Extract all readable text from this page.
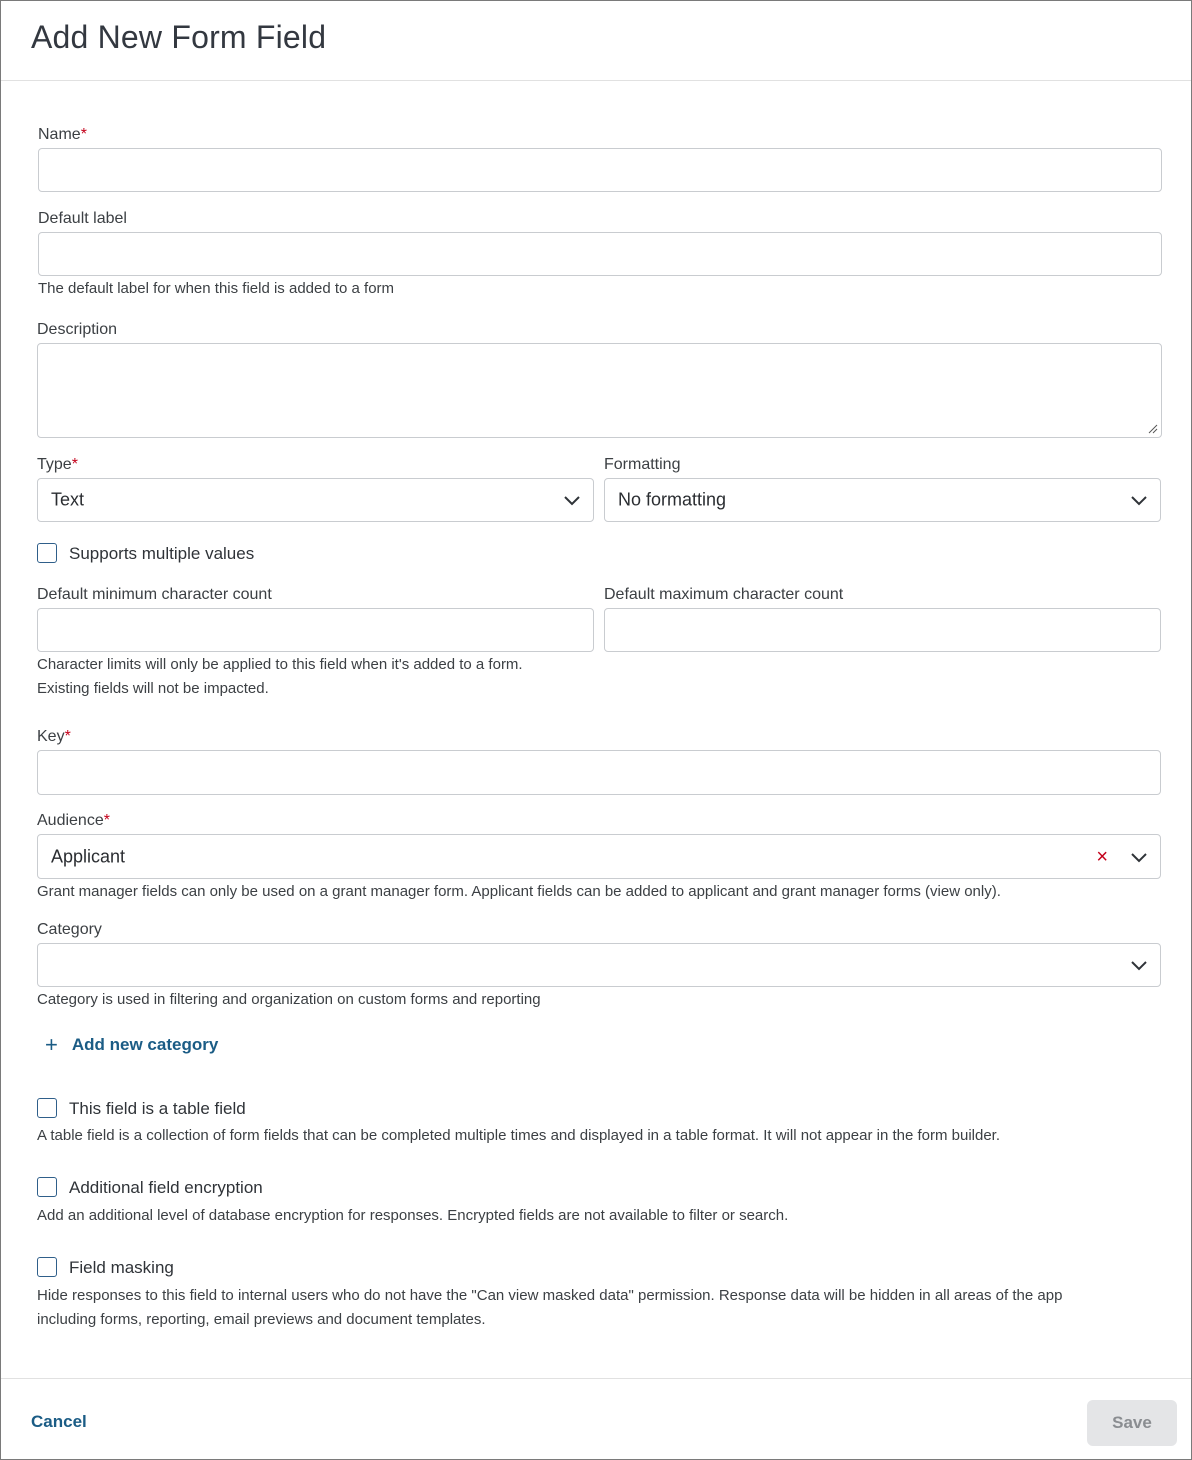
Add New Form Field
Name*
Default label
The default label for when this field is added to a form
Description
Type*
Text
Formatting
No formatting
Supports multiple values
Default minimum character count	Default maximum character count
Character limits will only be applied to this field when it's added to a form.
Existing fields will not be impacted.
Key*
Audience*
Applicant	×
Grant manager fields can only be used on a grant manager form. Applicant fields can be added to applicant and grant manager forms (view only).
Category
Category is used in filtering and organization on custom forms and reporting
+ Add new category
This field is a table field
A table field is a collection of form fields that can be completed multiple times and displayed in a table format. It will not appear in the form builder.
Additional field encryption
Add an additional level of database encryption for responses. Encrypted fields are not available to filter or search.
Field masking
Hide responses to this field to internal users who do not have the "Can view masked data" permission. Response data will be hidden in all areas of the app
including forms, reporting, email previews and document templates.
Cancel	Save
